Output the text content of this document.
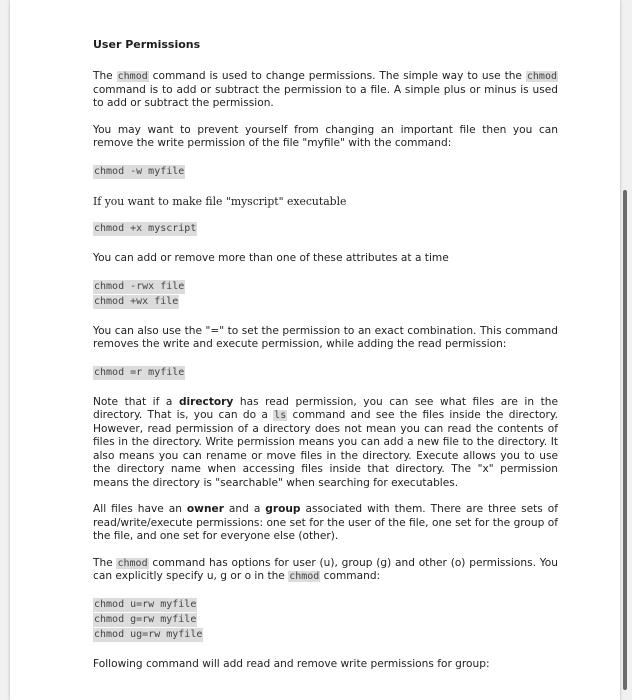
User Permissions

The chmod command is used to change permissions. The simple way to use the chmod command is to add or subtract the permission to a file. A simple plus or minus is used to add or subtract the permission.

You may want to prevent yourself from changing an important file then you can remove the write permission of the file "myfile" with the command:

chmod -w myfile

If you want to make file "myscript" executable

chmod +x myscript

You can add or remove more than one of these attributes at a time

chmod -rwx file
chmod +wx file

You can also use the "=" to set the permission to an exact combination. This command removes the write and execute permission, while adding the read permission:

chmod =r myfile

Note that if a directory has read permission, you can see what files are in the directory. That is, you can do a ls command and see the files inside the directory. However, read permission of a directory does not mean you can read the contents of files in the directory. Write permission means you can add a new file to the directory. It also means you can rename or move files in the directory. Execute allows you to use the directory name when accessing files inside that directory. The "x" permission means the directory is "searchable" when searching for executables.

All files have an owner and a group associated with them. There are three sets of read/write/execute permissions: one set for the user of the file, one set for the group of the file, and one set for everyone else (other).

The chmod command has options for user (u), group (g) and other (o) permissions. You can explicitly specify u, g or o in the chmod command:

chmod u=rw myfile
chmod g=rw myfile
chmod ug=rw myfile

Following command will add read and remove write permissions for group:
